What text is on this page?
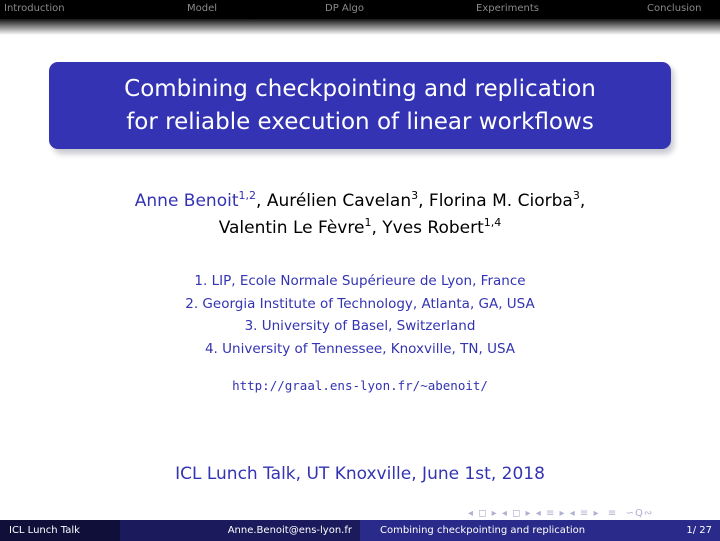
Introduction	Model	DP Algo	Experiments	Conclusion
Combining checkpointing and replication
for reliable execution of linear workflows
Anne Benoit$^{1,2}$, Aurélien Cavelan$^3$, Florina M. Ciorba$^3$,
Valentin Le Fèvre$^1$, Yves Robert$^{1,4}$
1. LIP, Ecole Normale Supérieure de Lyon, France
2. Georgia Institute of Technology, Atlanta, GA, USA
3. University of Basel, Switzerland
4. University of Tennessee, Knoxville, TN, USA
http://graal.ens-lyon.fr/~abenoit/
ICL Lunch Talk, UT Knoxville, June 1st, 2018
◂ ◻ ▸ ◂ ◻ ▸ ◂ ≡ ▸ ◂ ≡ ▸  ≡  ∽Q∾
ICL Lunch Talk	Anne.Benoit@ens-lyon.fr	Combining checkpointing and replication	1/ 27
